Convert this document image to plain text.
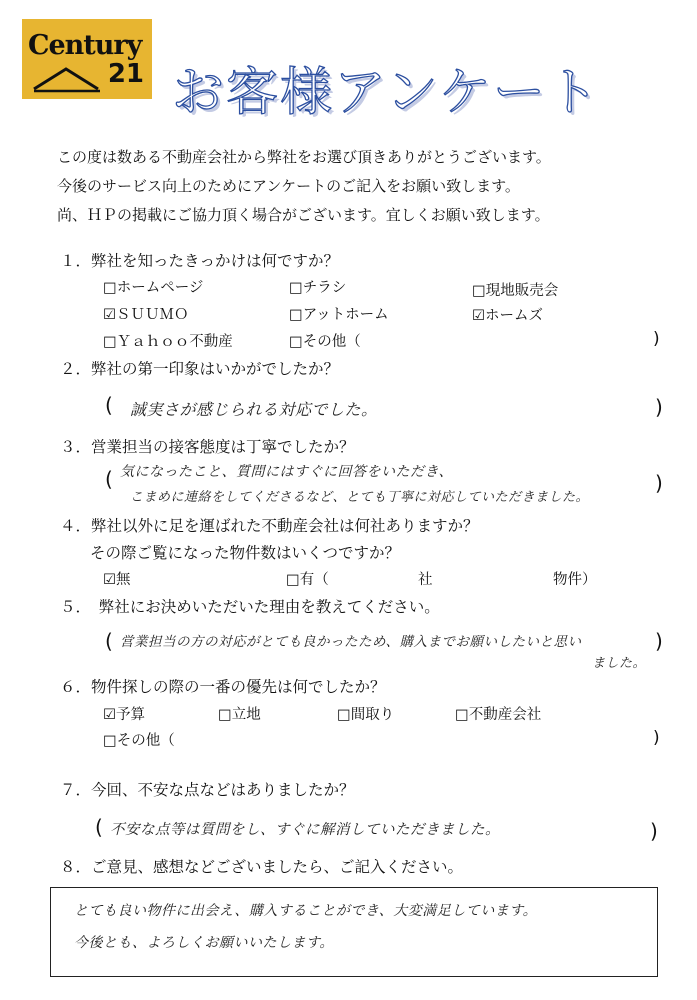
Century
21 お客様アンケート
この度は数ある不動産会社から弊社をお選び頂きありがとうございます。
今後のサービス向上のためにアンケートのご記入をお願い致します。
尚、ＨＰの掲載にご協力頂く場合がございます。宜しくお願い致します。
１．弊社を知ったきっかけは何ですか？
□ホームページ	□チラシ	□現地販売会
☑ＳＵＵＭＯ	□アットホーム	☑ホームズ
□Ｙａｈｏｏ不動産	□その他（	)
２．弊社の第一印象はいかがでしたか？
( 誠実さが感じられる対応でした。	)
３．営業担当の接客態度は丁寧でしたか？
( 気になったこと、質問にはすぐに回答をいただき、
こまめに連絡をしてくださるなど、とても丁寧に対応していただきました。
)
４．弊社以外に足を運ばれた不動産会社は何社ありますか？
その際ご覧になった物件数はいくつですか？
☑無	□有（	社	物件）
５．　弊社にお決めいただいた理由を教えてください。
( 営業担当の方の対応がとても良かったため、購入までお願いしたいと思い
ました。
)
６．物件探しの際の一番の優先は何でしたか？
☑予算	□立地	□間取り	□不動産会社
□その他（	)
７．今回、不安な点などはありましたか？
( 不安な点等は質問をし、すぐに解消していただきました。	)
８．ご意見、感想などございましたら、ご記入ください。
とても良い物件に出会え、購入することができ、大変満足しています。
今後とも、よろしくお願いいたします。
